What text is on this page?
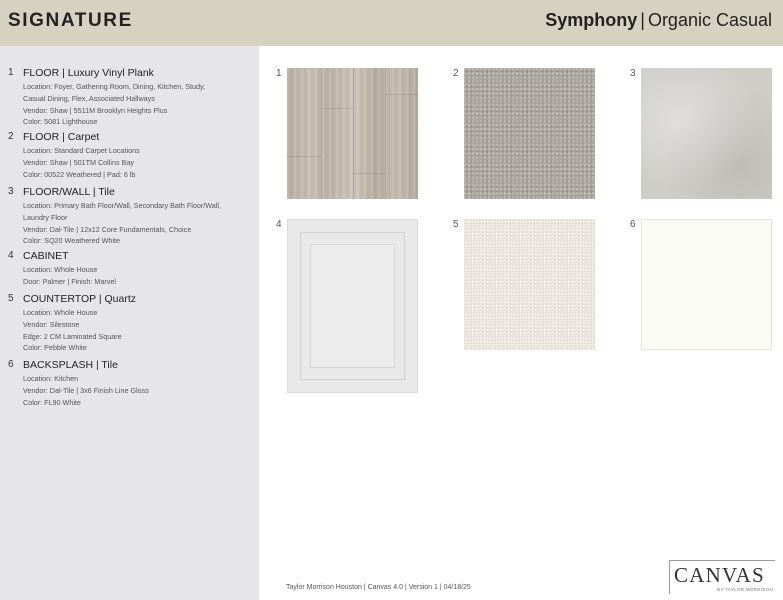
SIGNATURE	Symphony | Organic Casual
1 FLOOR | Luxury Vinyl Plank
Location: Foyer, Gathering Room, Dining, Kitchen, Study,
Casual Dining, Flex, Associated Hallways
Vendor: Shaw | 5511M Brooklyn Heights Plus
Color: 5081 Lighthouse
2 FLOOR | Carpet
Location: Standard Carpet Locations
Vendor: Shaw | 501TM Collins Bay
Color: 00522 Weathered | Pad: 6 lb
3 FLOOR/WALL | Tile
Location: Primary Bath Floor/Wall, Secondary Bath Floor/Wall,
Laundry Floor
Vendor: Dal-Tile | 12x12 Core Fundamentals, Choice
Color: SQ20 Weathered White
4 CABINET
Location: Whole House
Door: Palmer | Finish: Marvel
5 COUNTERTOP | Quartz
Location: Whole House
Vendor: Silestone
Edge: 2 CM Laminated Square
Color: Pebble White
6 BACKSPLASH | Tile
Location: Kitchen
Vendor: Dal-Tile | 3x6 Finish Line Gloss
Color: FL90 White
1	2	3
4	5	6
Taylor Morrison Houston | Canvas 4.0 | Version 1 | 04/18/25
CANVAS
BY TAYLOR MORRISON
